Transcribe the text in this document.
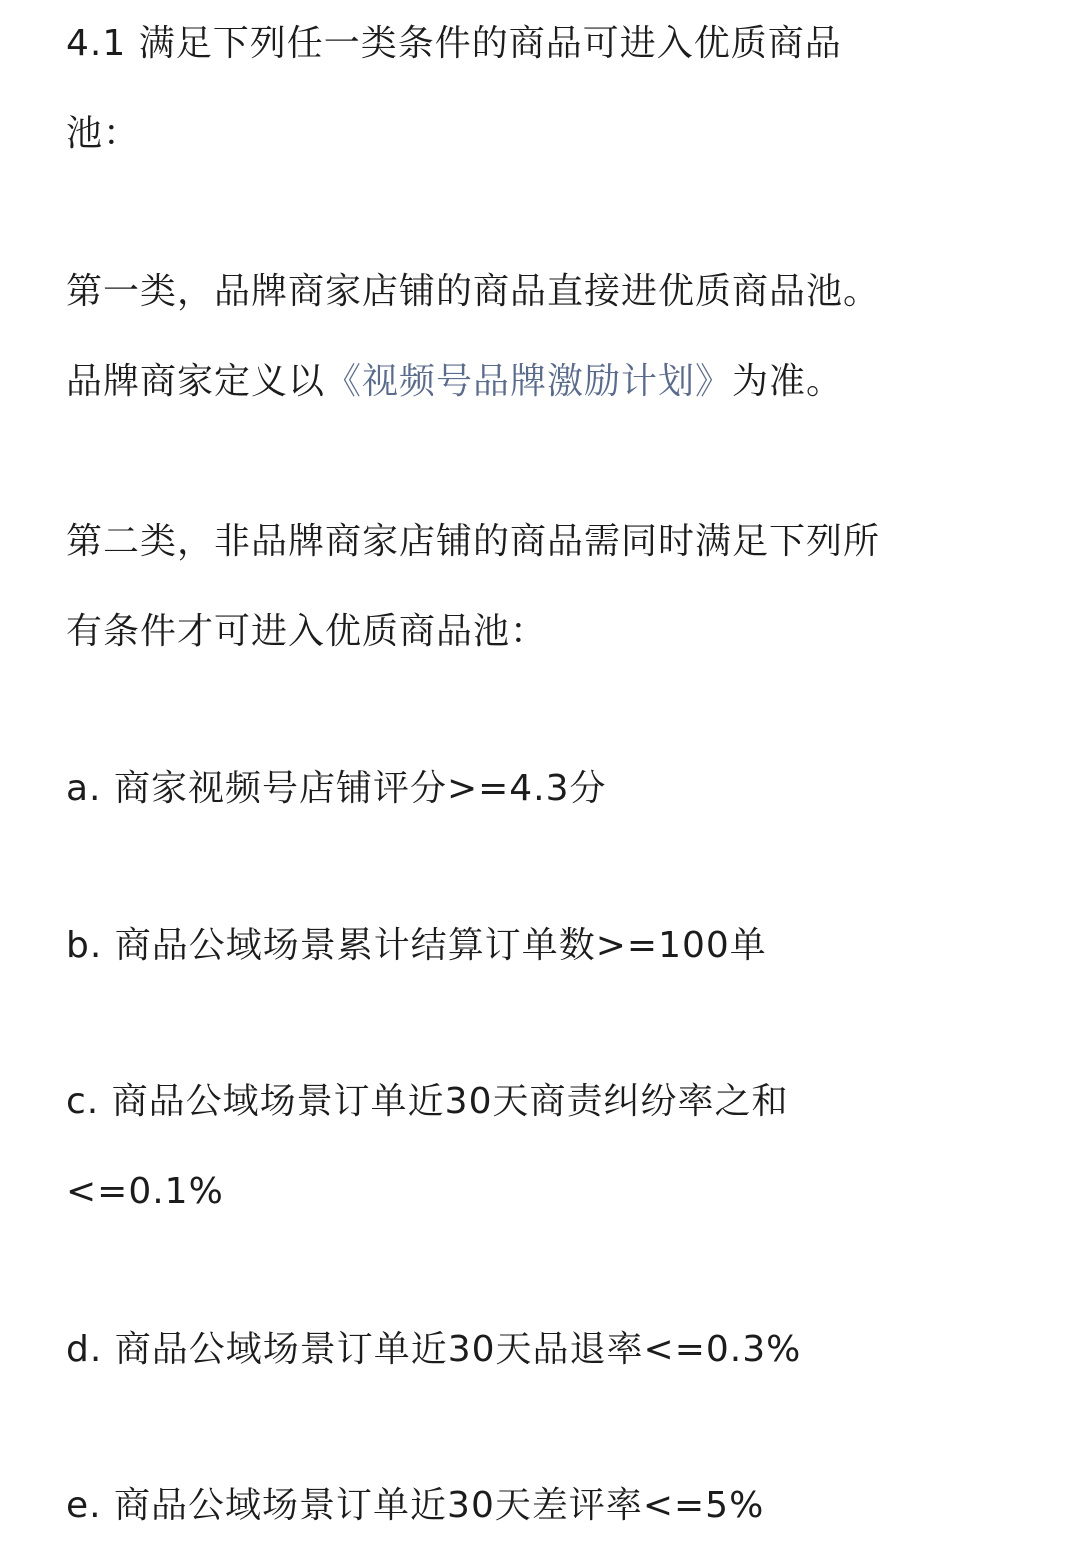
4.1 满足下列任一类条件的商品可进入优质商品
池：
第一类，品牌商家店铺的商品直接进优质商品池。
品牌商家定义以《视频号品牌激励计划》为准。
第二类，非品牌商家店铺的商品需同时满足下列所
有条件才可进入优质商品池：
a. 商家视频号店铺评分>=4.3分
b. 商品公域场景累计结算订单数>=100单
c. 商品公域场景订单近30天商责纠纷率之和
<=0.1%
d. 商品公域场景订单近30天品退率<=0.3%
e. 商品公域场景订单近30天差评率<=5%
